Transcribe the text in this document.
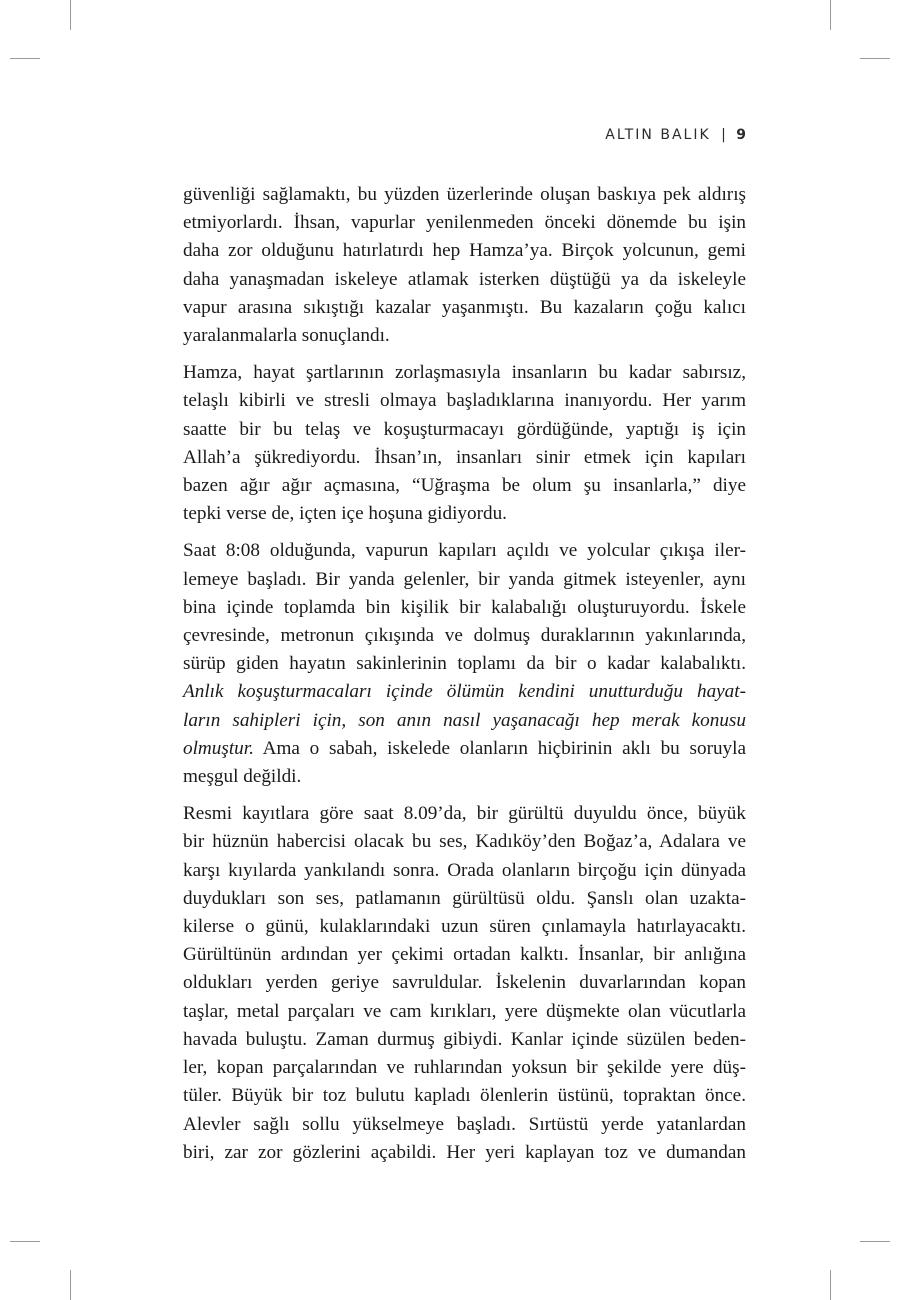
ALTIN BALIK | 9

güvenliği sağlamaktı, bu yüzden üzerlerinde oluşan baskıya pek aldırış
etmiyorlardı. İhsan, vapurlar yenilenmeden önceki dönemde bu işin
daha zor olduğunu hatırlatırdı hep Hamza’ya. Birçok yolcunun, gemi
daha yanaşmadan iskeleye atlamak isterken düştüğü ya da iskeleyle
vapur arasına sıkıştığı kazalar yaşanmıştı. Bu kazaların çoğu kalıcı
yaralanmalarla sonuçlandı.

Hamza, hayat şartlarının zorlaşmasıyla insanların bu kadar sabırsız,
telaşlı kibirli ve stresli olmaya başladıklarına inanıyordu. Her yarım
saatte bir bu telaş ve koşuşturmacayı gördüğünde, yaptığı iş için
Allah’a şükrediyordu. İhsan’ın, insanları sinir etmek için kapıları
bazen ağır ağır açmasına, “Uğraşma be olum şu insanlarla,” diye
tepki verse de, içten içe hoşuna gidiyordu.

Saat 8:08 olduğunda, vapurun kapıları açıldı ve yolcular çıkışa iler-
lemeye başladı. Bir yanda gelenler, bir yanda gitmek isteyenler, aynı
bina içinde toplamda bin kişilik bir kalabalığı oluşturuyordu. İskele
çevresinde, metronun çıkışında ve dolmuş duraklarının yakınlarında,
sürüp giden hayatın sakinlerinin toplamı da bir o kadar kalabalıktı.
Anlık koşuşturmacaları içinde ölümün kendini unutturduğu hayat-
ların sahipleri için, son anın nasıl yaşanacağı hep merak konusu
olmuştur. Ama o sabah, iskelede olanların hiçbirinin aklı bu soruyla
meşgul değildi.

Resmi kayıtlara göre saat 8.09’da, bir gürültü duyuldu önce, büyük
bir hüznün habercisi olacak bu ses, Kadıköy’den Boğaz’a, Adalara ve
karşı kıyılarda yankılandı sonra. Orada olanların birçoğu için dünyada
duydukları son ses, patlamanın gürültüsü oldu. Şanslı olan uzakta-
kilerse o günü, kulaklarındaki uzun süren çınlamayla hatırlayacaktı.
Gürültünün ardından yer çekimi ortadan kalktı. İnsanlar, bir anlığına
oldukları yerden geriye savruldular. İskelenin duvarlarından kopan
taşlar, metal parçaları ve cam kırıkları, yere düşmekte olan vücutlarla
havada buluştu. Zaman durmuş gibiydi. Kanlar içinde süzülen beden-
ler, kopan parçalarından ve ruhlarından yoksun bir şekilde yere düş-
tüler. Büyük bir toz bulutu kapladı ölenlerin üstünü, topraktan önce.
Alevler sağlı sollu yükselmeye başladı. Sırtüstü yerde yatanlardan
biri, zar zor gözlerini açabildi. Her yeri kaplayan toz ve dumandan
